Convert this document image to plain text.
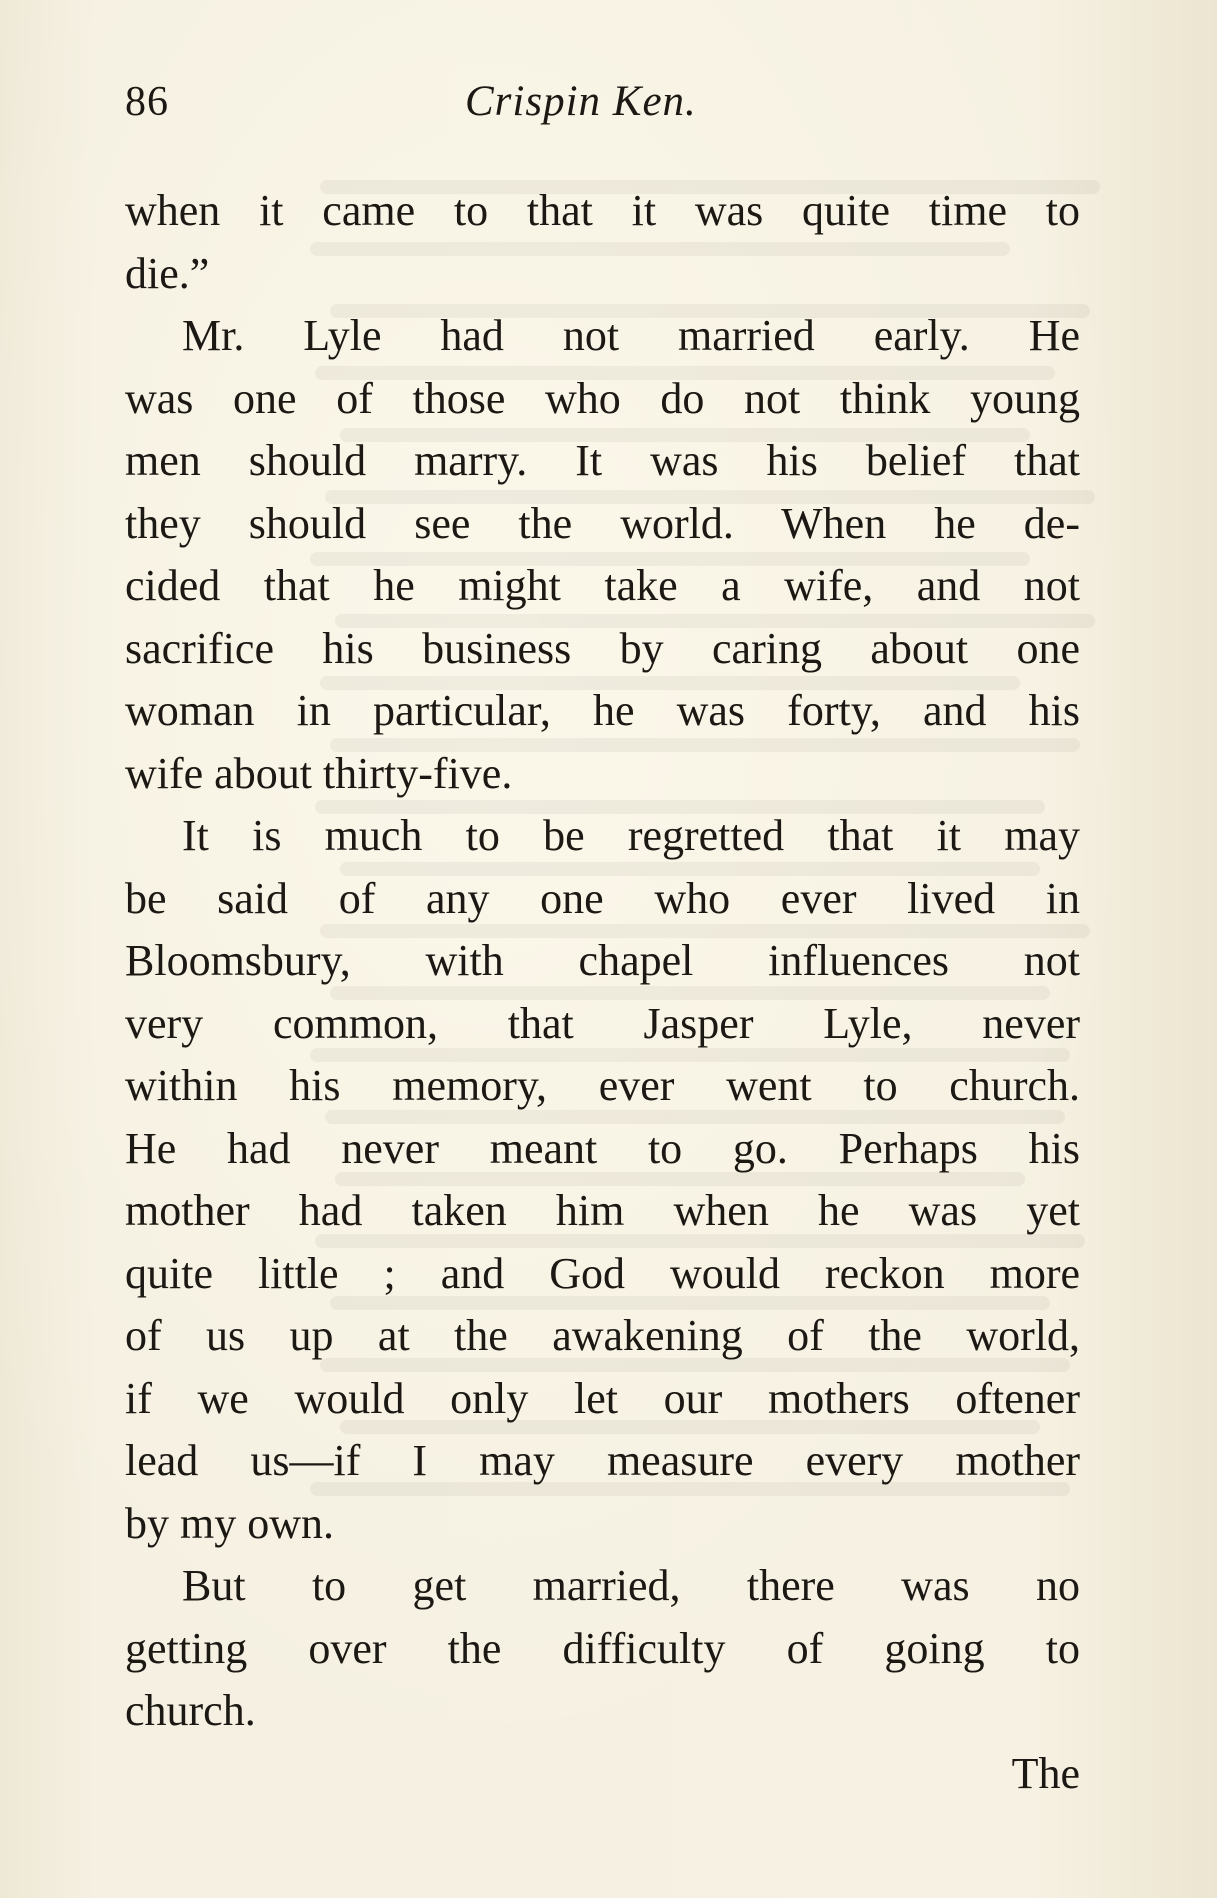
86	Crispin Ken.
when it came to that it was quite time to
die.”
Mr. Lyle had not married early. He
was one of those who do not think young
men should marry. It was his belief that
they should see the world. When he de-
cided that he might take a wife, and not
sacrifice his business by caring about one
woman in particular, he was forty, and his
wife about thirty-five.
It is much to be regretted that it may
be said of any one who ever lived in
Bloomsbury, with chapel influences not
very common, that Jasper Lyle, never
within his memory, ever went to church.
He had never meant to go. Perhaps his
mother had taken him when he was yet
quite little ; and God would reckon more
of us up at the awakening of the world,
if we would only let our mothers oftener
lead us—if I may measure every mother
by my own.
But to get married, there was no
getting over the difficulty of going to
church.
The
